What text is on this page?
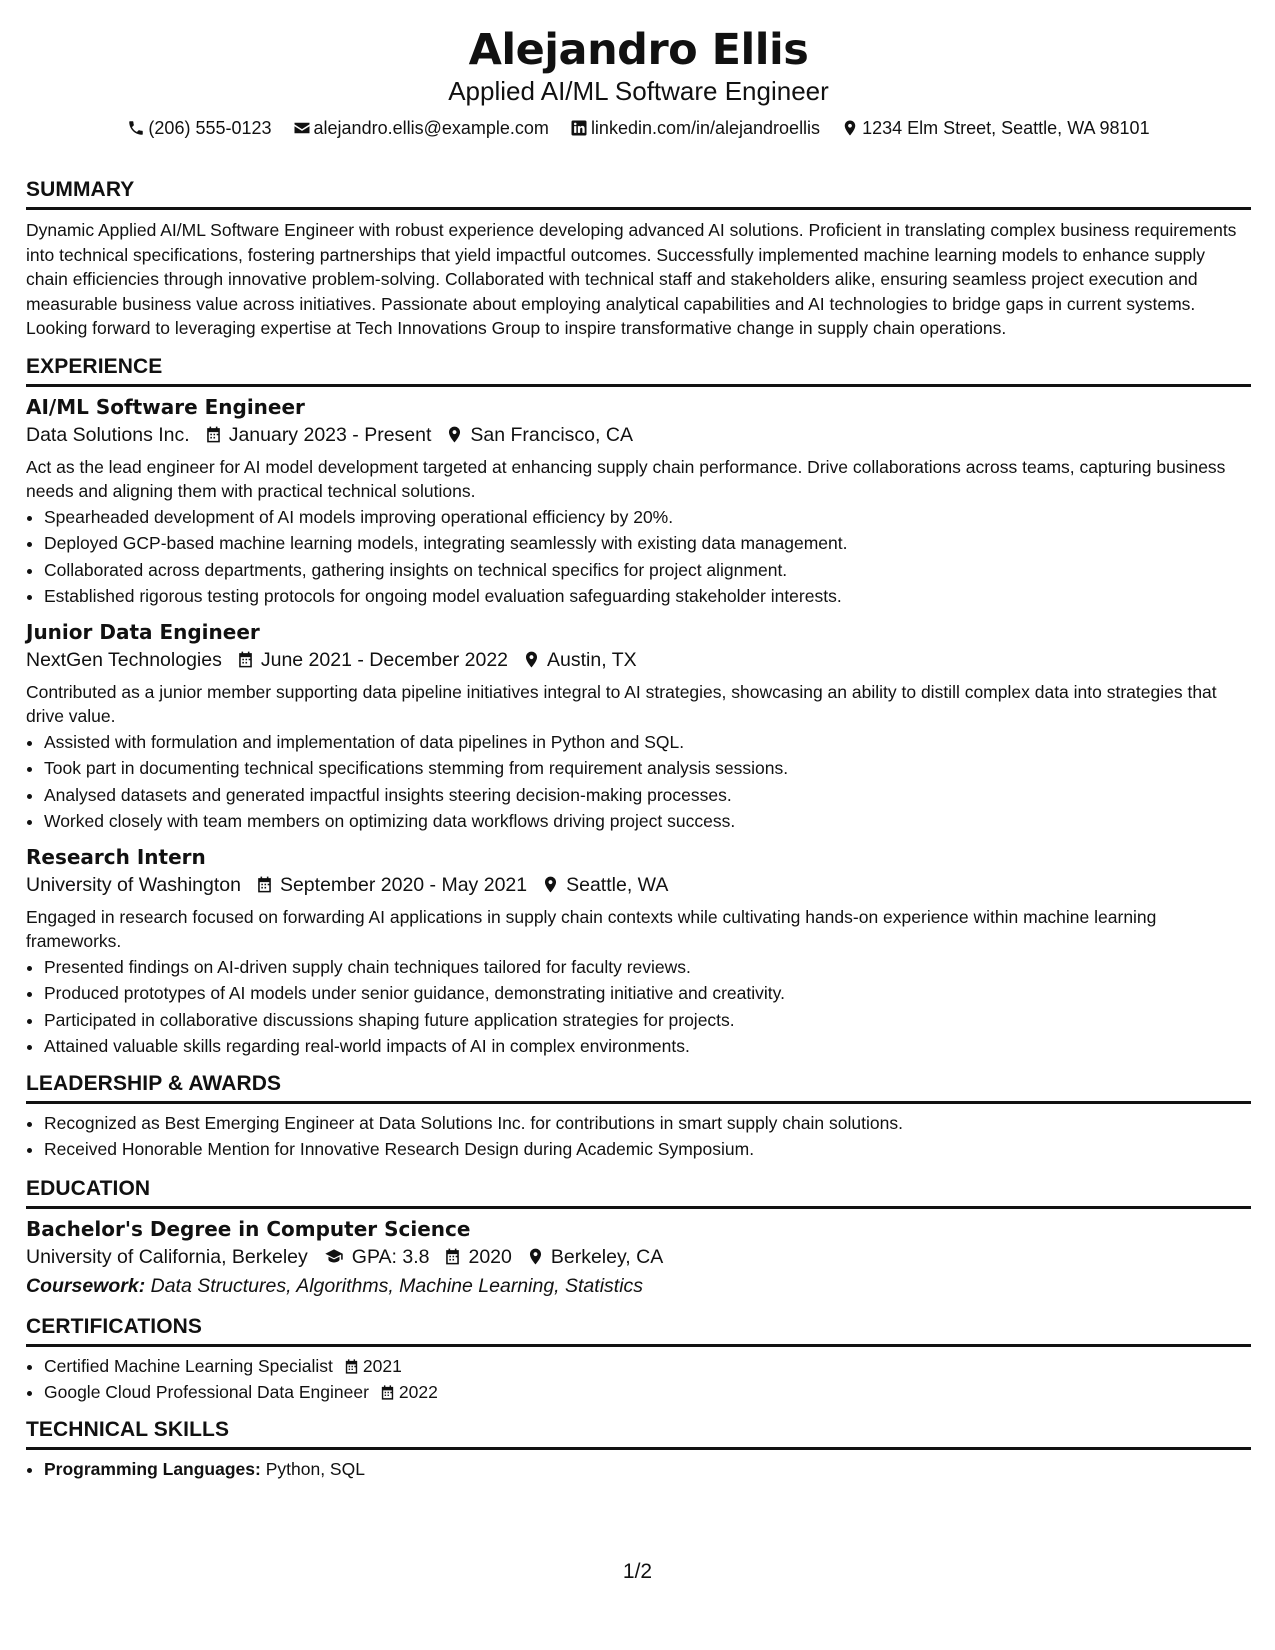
Alejandro Ellis
Applied AI/ML Software Engineer
(206) 555-0123 alejandro.ellis@example.com linkedin.com/in/alejandroellis 1234 Elm Street, Seattle, WA 98101
SUMMARY

Dynamic Applied AI/ML Software Engineer with robust experience developing advanced AI solutions. Proficient in translating complex business requirements into technical specifications, fostering partnerships that yield impactful outcomes. Successfully implemented machine learning models to enhance supply chain efficiencies through innovative problem-solving. Collaborated with technical staff and stakeholders alike, ensuring seamless project execution and measurable business value across initiatives. Passionate about employing analytical capabilities and AI technologies to bridge gaps in current systems. Looking forward to leveraging expertise at Tech Innovations Group to inspire transformative change in supply chain operations.

EXPERIENCE
AI/ML Software Engineer
Data Solutions Inc. January 2023 - Present San Francisco, CA

Act as the lead engineer for AI model development targeted at enhancing supply chain performance. Drive collaborations across teams, capturing business needs and aligning them with practical technical solutions.

• Spearheaded development of AI models improving operational efficiency by 20%.
• Deployed GCP-based machine learning models, integrating seamlessly with existing data management.
• Collaborated across departments, gathering insights on technical specifics for project alignment.
• Established rigorous testing protocols for ongoing model evaluation safeguarding stakeholder interests.
Junior Data Engineer
NextGen Technologies June 2021 - December 2022 Austin, TX

Contributed as a junior member supporting data pipeline initiatives integral to AI strategies, showcasing an ability to distill complex data into strategies that drive value.

• Assisted with formulation and implementation of data pipelines in Python and SQL.
• Took part in documenting technical specifications stemming from requirement analysis sessions.
• Analysed datasets and generated impactful insights steering decision-making processes.
• Worked closely with team members on optimizing data workflows driving project success.
Research Intern
University of Washington September 2020 - May 2021 Seattle, WA

Engaged in research focused on forwarding AI applications in supply chain contexts while cultivating hands-on experience within machine learning frameworks.

• Presented findings on AI-driven supply chain techniques tailored for faculty reviews.
• Produced prototypes of AI models under senior guidance, demonstrating initiative and creativity.
• Participated in collaborative discussions shaping future application strategies for projects.
• Attained valuable skills regarding real-world impacts of AI in complex environments.
LEADERSHIP & AWARDS
• Recognized as Best Emerging Engineer at Data Solutions Inc. for contributions in smart supply chain solutions.
• Received Honorable Mention for Innovative Research Design during Academic Symposium.
EDUCATION
Bachelor's Degree in Computer Science
University of California, Berkeley GPA: 3.8 2020 Berkeley, CA
Coursework: Data Structures, Algorithms, Machine Learning, Statistics
CERTIFICATIONS
• Certified Machine Learning Specialist 2021
• Google Cloud Professional Data Engineer 2022
TECHNICAL SKILLS
• Programming Languages: Python, SQL
1/2
